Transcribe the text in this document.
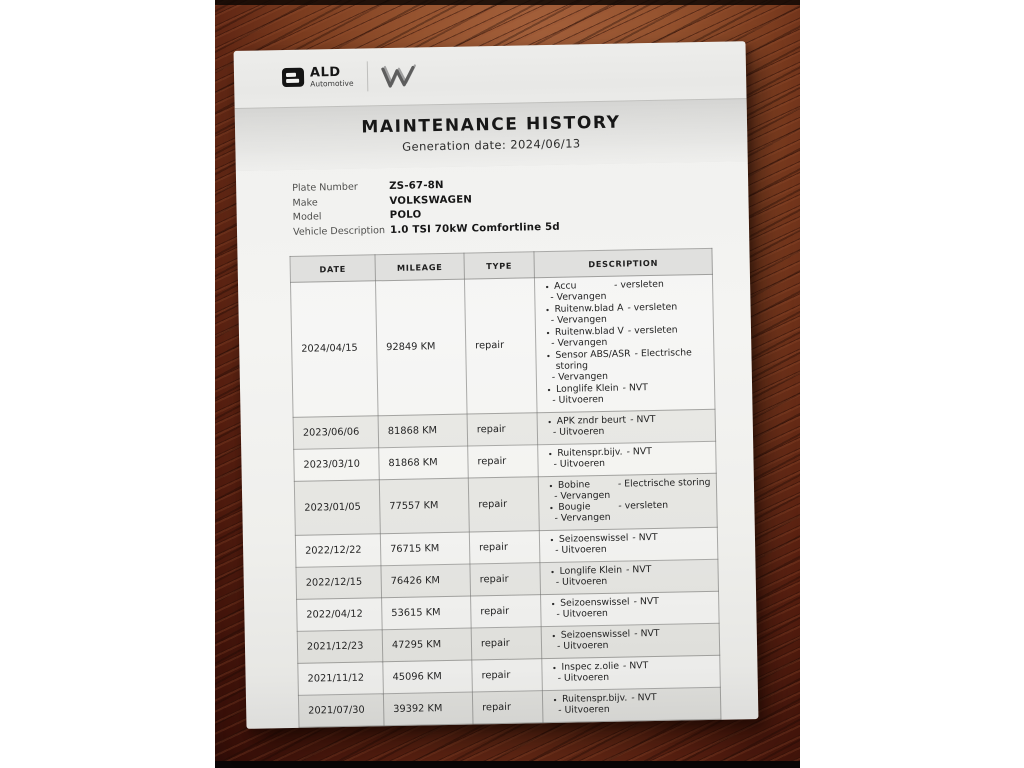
ALD
Automotive
MAINTENANCE HISTORY
Generation date: 2024/06/13
Plate Number	ZS-67-8N
Make	VOLKSWAGEN
Model	POLO
Vehicle Description 1.0 TSI 70kW Comfortline 5d
DATE	MILEAGE	TYPE	DESCRIPTION
2024/04/15	92849 KM	repair	
• Accu	- versleten
- Vervangen
• Ruitenw.blad A - versleten
- Vervangen
• Ruitenw.blad V - versleten
- Vervangen
• Sensor ABS/ASR - Electrische storing
- Vervangen
• Longlife Klein - NVT
- Uitvoeren

2023/06/06	81868 KM	repair	• APK zndr beurt - NVT
- Uitvoeren

2023/03/10	81868 KM	repair	• Ruitenspr.bijv. - NVT
- Uitvoeren

2023/01/05	77557 KM	repair	
• Bobine	- Electrische storing
- Vervangen
• Bougie	- versleten
- Vervangen

2022/12/22	76715 KM	repair	• Seizoenswissel - NVT
- Uitvoeren

2022/12/15	76426 KM	repair	• Longlife Klein - NVT
- Uitvoeren

2022/04/12	53615 KM	repair	• Seizoenswissel - NVT
- Uitvoeren

2021/12/23	47295 KM	repair	• Seizoenswissel - NVT
- Uitvoeren

2021/11/12	45096 KM	repair	• Inspec z.olie - NVT
- Uitvoeren

2021/07/30	39392 KM	repair	• Ruitenspr.bijv. - NVT
- Uitvoeren
